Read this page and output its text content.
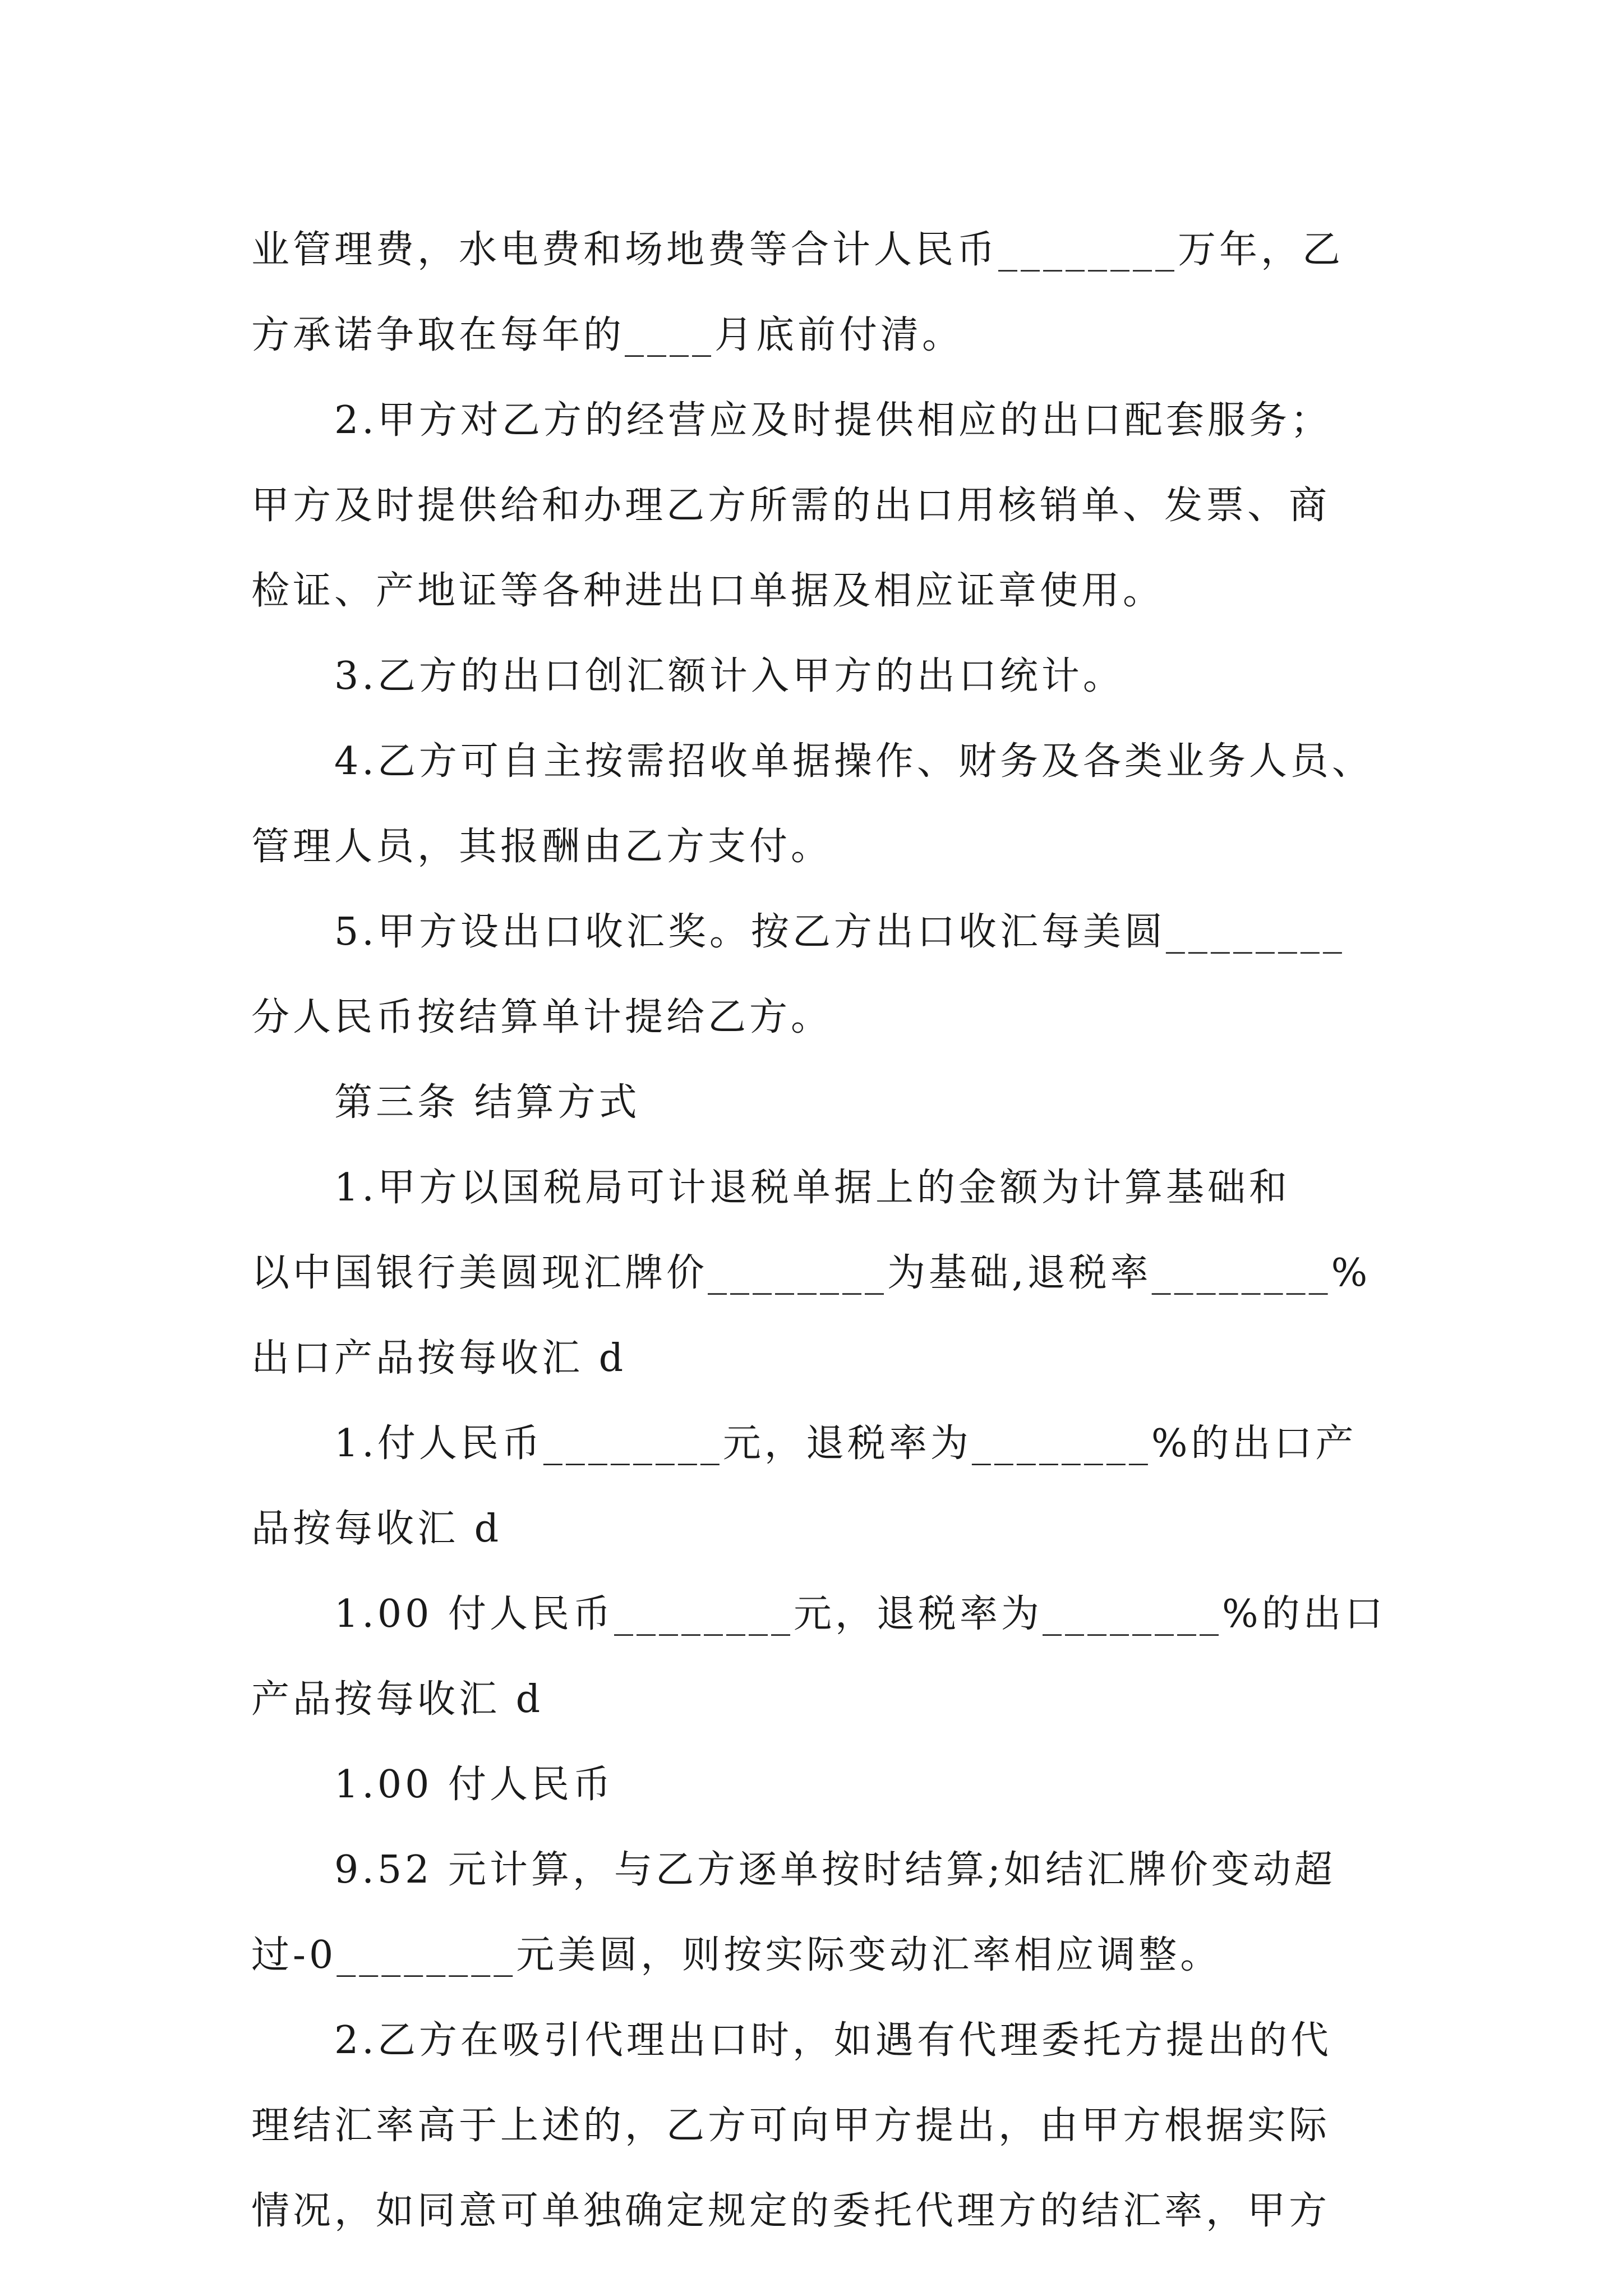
业管理费，水电费和场地费等合计人民币________万年，乙
方承诺争取在每年的____月底前付清。
2.甲方对乙方的经营应及时提供相应的出口配套服务；
甲方及时提供给和办理乙方所需的出口用核销单、发票、商
检证、产地证等各种进出口单据及相应证章使用。
3.乙方的出口创汇额计入甲方的出口统计。
4.乙方可自主按需招收单据操作、财务及各类业务人员、
管理人员，其报酬由乙方支付。
5.甲方设出口收汇奖。按乙方出口收汇每美圆________
分人民币按结算单计提给乙方。
第三条 结算方式
1.甲方以国税局可计退税单据上的金额为计算基础和
以中国银行美圆现汇牌价________为基础,退税率________%
出口产品按每收汇 d
1.付人民币________元，退税率为________%的出口产
品按每收汇 d
1.00 付人民币________元，退税率为________%的出口
产品按每收汇 d
1.00 付人民币
9.52 元计算，与乙方逐单按时结算;如结汇牌价变动超
过-0________元美圆，则按实际变动汇率相应调整。
2.乙方在吸引代理出口时，如遇有代理委托方提出的代
理结汇率高于上述的，乙方可向甲方提出，由甲方根据实际
情况，如同意可单独确定规定的委托代理方的结汇率，甲方
